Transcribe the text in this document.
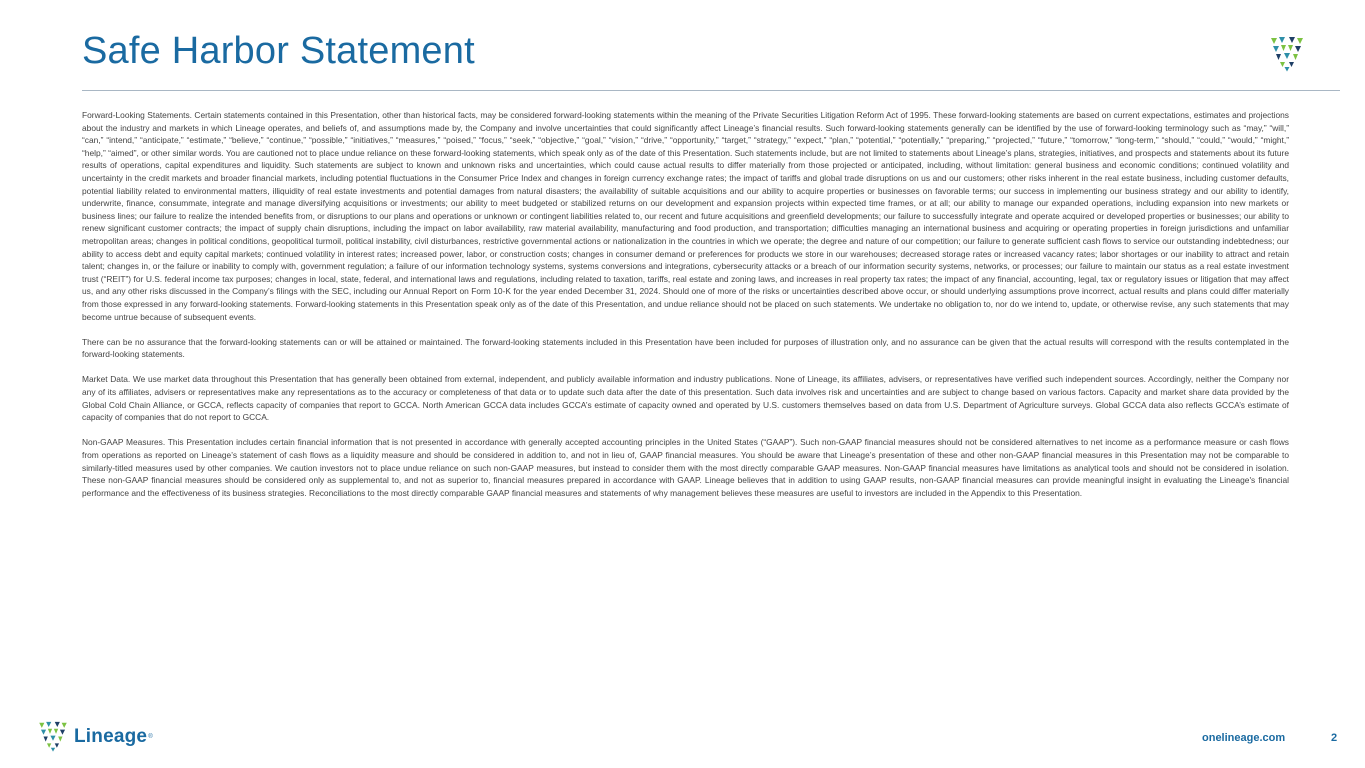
Safe Harbor Statement

Forward-Looking Statements. Certain statements contained in this Presentation, other than historical facts, may be considered forward-looking statements within the meaning of the Private Securities Litigation Reform Act of 1995. These forward-looking statements are based on current expectations, estimates and projections about the industry and markets in which Lineage operates, and beliefs of, and assumptions made by, the Company and involve uncertainties that could significantly affect Lineage’s financial results. Such forward-looking statements generally can be identified by the use of forward-looking terminology such as “may,” “will,” “can,” “intend,” “anticipate,” “estimate,” “believe,” “continue,” “possible,” “initiatives,” “measures,” “poised,” “focus,” “seek,” “objective,” “goal,” “vision,” “drive,” “opportunity,” “target,” “strategy,” “expect,” “plan,” “potential,” “potentially,” “preparing,” “projected,” “future,” “tomorrow,” “long-term,” “should,” “could,” “would,” “might,” “help,” “aimed”, or other similar words. You are cautioned not to place undue reliance on these forward-looking statements, which speak only as of the date of this Presentation. Such statements include, but are not limited to statements about Lineage’s plans, strategies, initiatives, and prospects and statements about its future results of operations, capital expenditures and liquidity. Such statements are subject to known and unknown risks and uncertainties, which could cause actual results to differ materially from those projected or anticipated, including, without limitation: general business and economic conditions; continued volatility and uncertainty in the credit markets and broader financial markets, including potential fluctuations in the Consumer Price Index and changes in foreign currency exchange rates; the impact of tariffs and global trade disruptions on us and our customers; other risks inherent in the real estate business, including customer defaults, potential liability related to environmental matters, illiquidity of real estate investments and potential damages from natural disasters; the availability of suitable acquisitions and our ability to acquire properties or businesses on favorable terms; our success in implementing our business strategy and our ability to identify, underwrite, finance, consummate, integrate and manage diversifying acquisitions or investments; our ability to meet budgeted or stabilized returns on our development and expansion projects within expected time frames, or at all; our ability to manage our expanded operations, including expansion into new markets or business lines; our failure to realize the intended benefits from, or disruptions to our plans and operations or unknown or contingent liabilities related to, our recent and future acquisitions and greenfield developments; our failure to successfully integrate and operate acquired or developed properties or businesses; our ability to renew significant customer contracts; the impact of supply chain disruptions, including the impact on labor availability, raw material availability, manufacturing and food production, and transportation; difficulties managing an international business and acquiring or operating properties in foreign jurisdictions and unfamiliar metropolitan areas; changes in political conditions, geopolitical turmoil, political instability, civil disturbances, restrictive governmental actions or nationalization in the countries in which we operate; the degree and nature of our competition; our failure to generate sufficient cash flows to service our outstanding indebtedness; our ability to access debt and equity capital markets; continued volatility in interest rates; increased power, labor, or construction costs; changes in consumer demand or preferences for products we store in our warehouses; decreased storage rates or increased vacancy rates; labor shortages or our inability to attract and retain talent; changes in, or the failure or inability to comply with, government regulation; a failure of our information technology systems, systems conversions and integrations, cybersecurity attacks or a breach of our information security systems, networks, or processes; our failure to maintain our status as a real estate investment trust (“REIT”) for U.S. federal income tax purposes; changes in local, state, federal, and international laws and regulations, including related to taxation, tariffs, real estate and zoning laws, and increases in real property tax rates; the impact of any financial, accounting, legal, tax or regulatory issues or litigation that may affect us, and any other risks discussed in the Company’s filings with the SEC, including our Annual Report on Form 10-K for the year ended December 31, 2024. Should one of more of the risks or uncertainties described above occur, or should underlying assumptions prove incorrect, actual results and plans could differ materially from those expressed in any forward-looking statements. Forward-looking statements in this Presentation speak only as of the date of this Presentation, and undue reliance should not be placed on such statements. We undertake no obligation to, nor do we intend to, update, or otherwise revise, any such statements that may become untrue because of subsequent events.

There can be no assurance that the forward-looking statements can or will be attained or maintained. The forward-looking statements included in this Presentation have been included for purposes of illustration only, and no assurance can be given that the actual results will correspond with the results contemplated in the forward-looking statements.

Market Data. We use market data throughout this Presentation that has generally been obtained from external, independent, and publicly available information and industry publications. None of Lineage, its affiliates, advisers, or representatives have verified such independent sources. Accordingly, neither the Company nor any of its affiliates, advisers or representatives make any representations as to the accuracy or completeness of that data or to update such data after the date of this presentation. Such data involves risk and uncertainties and are subject to change based on various factors. Capacity and market share data provided by the Global Cold Chain Alliance, or GCCA, reflects capacity of companies that report to GCCA. North American GCCA data includes GCCA’s estimate of capacity owned and operated by U.S. customers themselves based on data from U.S. Department of Agriculture surveys. Global GCCA data also reflects GCCA’s estimate of capacity of companies that do not report to GCCA.

Non-GAAP Measures. This Presentation includes certain financial information that is not presented in accordance with generally accepted accounting principles in the United States (“GAAP”). Such non-GAAP financial measures should not be considered alternatives to net income as a performance measure or cash flows from operations as reported on Lineage’s statement of cash flows as a liquidity measure and should be considered in addition to, and not in lieu of, GAAP financial measures. You should be aware that Lineage’s presentation of these and other non-GAAP financial measures in this Presentation may not be comparable to similarly-titled measures used by other companies. We caution investors not to place undue reliance on such non-GAAP measures, but instead to consider them with the most directly comparable GAAP measures. Non-GAAP financial measures have limitations as analytical tools and should not be considered in isolation. These non-GAAP financial measures should be considered only as supplemental to, and not as superior to, financial measures prepared in accordance with GAAP. Lineage believes that in addition to using GAAP results, non-GAAP financial measures can provide meaningful insight in evaluating the Lineage's financial performance and the effectiveness of its business strategies. Reconciliations to the most directly comparable GAAP financial measures and statements of why management believes these measures are useful to investors are included in the Appendix to this Presentation.

Lineage ®	onelineage.com	2
